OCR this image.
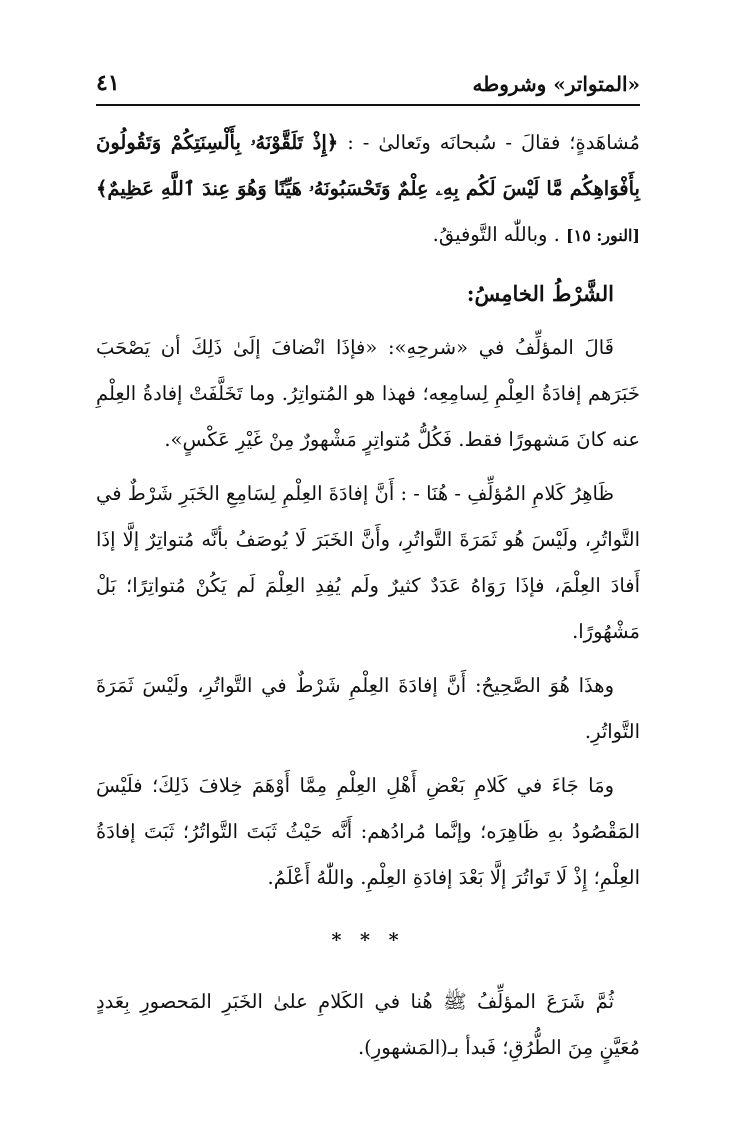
«المتواتر» وشروطه
٤١

مُشاهَدةٍ؛ فقالَ - سُبحانَه وتَعالىٰ - : ﴿إِذْ تَلَقَّوْنَهُۥ بِأَلْسِنَتِكُمْ وَتَقُولُونَ بِأَفْوَاهِكُم مَّا لَيْسَ لَكُم بِهِۦ عِلْمٌ وَتَحْسَبُونَهُۥ هَيِّنًا وَهُوَ عِندَ ٱللَّهِ عَظِيمٌ﴾ [النور: ١٥] . وباللّٰه التَّوفيقُ.

الشَّرْطُ الخامِسُ:

قَالَ المؤلِّفُ في «شرحِهِ»: «فإذَا انْضافَ إلَىٰ ذَلِكَ أن يَصْحَبَ خَبَرَهم إفادَةُ العِلْمِ لِسامِعِه؛ فهذا هو المُتواتِرُ. وما تَخَلَّفَتْ إفادةُ العِلْمِ عنه كانَ مَشهورًا فقط. فَكُلُّ مُتواتِرٍ مَشْهورٌ مِنْ غَيْرِ عَكْسٍ».

ظَاهِرُ كَلامِ المُؤلِّفِ - هُنَا - : أَنَّ إفادَةَ العِلْمِ لِسَامِعِ الخَبَرِ شَرْطٌ في التَّواتُرِ، ولَيْسَ هُو ثَمَرَةَ التَّواتُرِ، وأَنَّ الخَبَرَ لَا يُوصَفُ بأنَّه مُتواتِرٌ إلَّا إذَا أَفادَ العِلْمَ، فإذَا رَوَاهُ عَدَدٌ كثيرٌ ولَم يُفِدِ العِلْمَ لَم يَكُنْ مُتواتِرًا؛ بَلْ مَشْهُورًا.

وهذَا هُوَ الصَّحِيحُ: أَنَّ إفادَةَ العِلْمِ شَرْطٌ في التَّواتُرِ، ولَيْسَ ثَمَرَةَ التَّواتُرِ.

ومَا جَاءَ في كَلامِ بَعْضِ أَهْلِ العِلْمِ مِمَّا أَوْهَمَ خِلافَ ذَلِكَ؛ فلَيْسَ المَقْصُودُ بهِ ظَاهِرَه؛ وإنَّما مُرادُهم: أَنَّه حَيْثُ ثَبَتَ التَّواتُرُ؛ ثَبَتَ إفادَةُ العِلْمِ؛ إِذْ لَا تَواتُرَ إلَّا بَعْدَ إفادَةِ العِلْمِ. واللّٰهُ أَعْلَمُ.

* * *

ثُمَّ شَرَعَ المؤلِّفُ ﷺ هُنا في الكَلامِ علىٰ الخَبَرِ المَحصورِ بِعَددٍ مُعَيَّنٍ مِنَ الطُّرُقِ؛ فَبدأ بـ(المَشهورِ).
